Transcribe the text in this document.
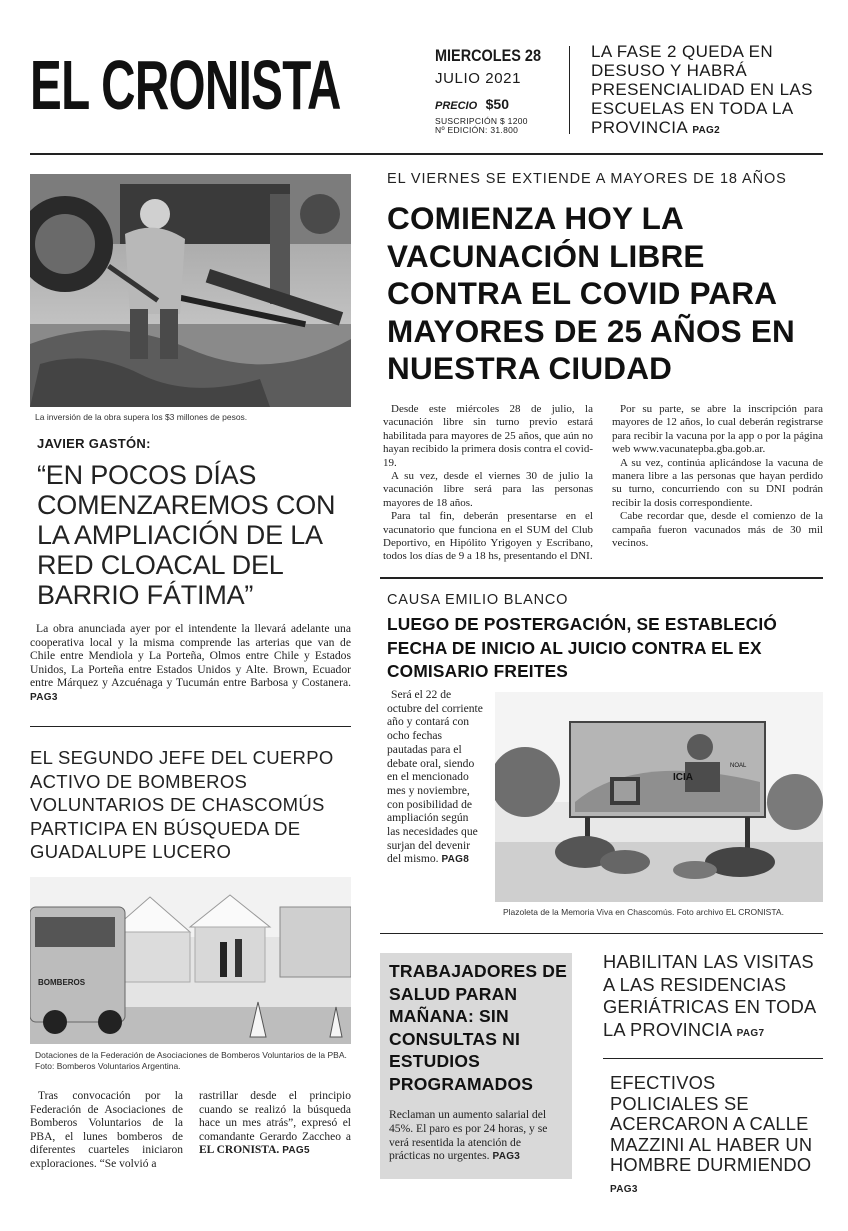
EL CRONISTA	MIERCOLES 28
JULIO 2021
PRECIO $50
SUSCRIPCIÓN $ 1200
Nº EDICIÓN: 31.800
LA FASE 2 QUEDA EN DESUSO Y HABRÁ PRESENCIALIDAD EN LAS ESCUELAS EN TODA LA PROVINCIA PAG2
La inversión de la obra supera los $3 millones de pesos.
JAVIER GASTÓN:
“EN POCOS DÍAS COMENZAREMOS CON LA AMPLIACIÓN DE LA RED CLOACAL DEL BARRIO FÁTIMA”

La obra anunciada ayer por el intendente la llevará adelante una cooperativa local y la misma comprende las arterias que van de Chile entre Mendiola y La Porteña, Olmos entre Chile y Estados Unidos, La Porteña entre Estados Unidos y Alte. Brown, Ecuador entre Márquez y Azcuénaga y Tucumán entre Barbosa y Costanera. PAG3

EL SEGUNDO JEFE DEL CUERPO ACTIVO DE BOMBEROS VOLUNTARIOS DE CHASCOMÚS PARTICIPA EN BÚSQUEDA DE GUADALUPE LUCERO
BOMBEROS
Dotaciones de la Federación de Asociaciones de Bomberos Voluntarios de la PBA. Foto: Bomberos Voluntarios Argentina.

Tras convocación por la Federación de Asociaciones de Bomberos Voluntarios de la PBA, el lunes bomberos de diferentes cuarteles iniciaron exploraciones. “Se volvió a

rastrillar desde el principio cuando se realizó la búsqueda hace un mes atrás”, expresó el comandante Gerardo Zaccheo a EL CRONISTA. PAG5

EL VIERNES SE EXTIENDE A MAYORES DE 18 AÑOS
COMIENZA HOY LA VACUNACIÓN LIBRE CONTRA EL COVID PARA MAYORES DE 25 AÑOS EN NUESTRA CIUDAD

Desde este miércoles 28 de julio, la vacunación libre sin turno previo estará habilitada para mayores de 25 años, que aún no hayan recibido la primera dosis contra el covid-19.

A su vez, desde el viernes 30 de julio la vacunación libre será para las personas mayores de 18 años.

Para tal fin, deberán presentarse en el vacunatorio que funciona en el SUM del Club Deportivo, en Hipólito Yrigoyen y Escribano, todos los días de 9 a 18 hs, presentando el DNI.

Por su parte, se abre la inscripción para mayores de 12 años, lo cual deberán registrarse para recibir la vacuna por la app o por la página web www.vacunatepba.gba.gob.ar.

A su vez, continúa aplicándose la vacuna de manera libre a las personas que hayan perdido su turno, concurriendo con su DNI podrán recibir la dosis correspondiente.

Cabe recordar que, desde el comienzo de la campaña fueron vacunados más de 30 mil vecinos.

CAUSA EMILIO BLANCO
LUEGO DE POSTERGACIÓN, SE ESTABLECIÓ FECHA DE INICIO AL JUICIO CONTRA EL EX COMISARIO FREITES

Será el 22 de octubre del corriente año y contará con ocho fechas pautadas para el debate oral, siendo en el mencionado mes y noviembre, con posibilidad de ampliación según las necesidades que surjan del devenir del mismo. PAG8

ICIA
NOAL
Plazoleta de la Memoria Viva en Chascomús. Foto archivo EL CRONISTA.
TRABAJADORES DE SALUD PARAN MAÑANA: SIN CONSULTAS NI ESTUDIOS PROGRAMADOS

Reclaman un aumento salarial del 45%. El paro es por 24 horas, y se verá resentida la atención de prácticas no urgentes. PAG3

HABILITAN LAS VISITAS A LAS RESIDENCIAS GERIÁTRICAS EN TODA LA PROVINCIA PAG7
EFECTIVOS POLICIALES SE ACERCARON A CALLE MAZZINI AL HABER UN HOMBRE DURMIENDO PAG3
